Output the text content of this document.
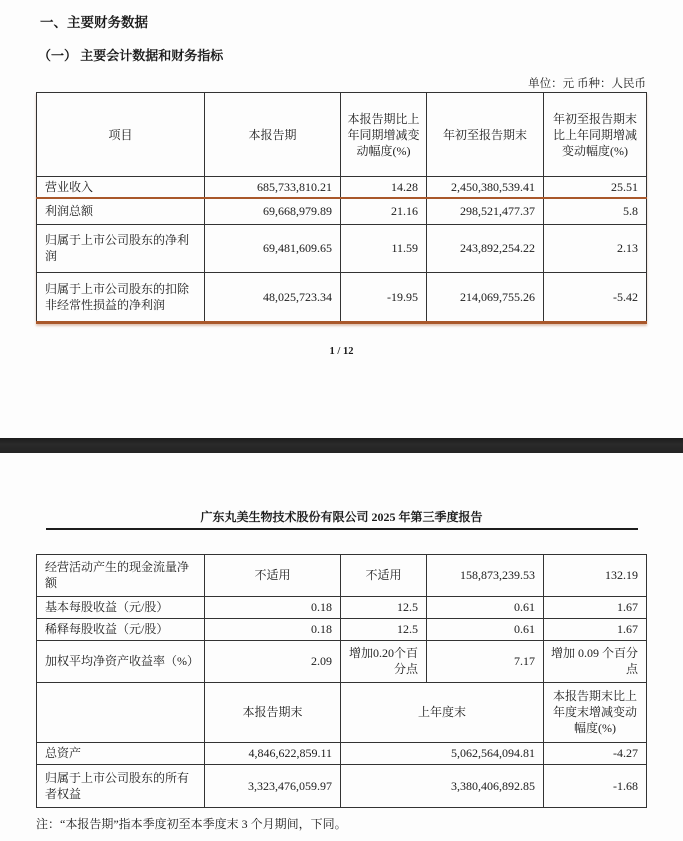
一、主要财务数据
（一） 主要会计数据和财务指标
单位：元 币种：人民币
项目	本报告期	本报告期比上年同期增减变动幅度(%)	年初至报告期末	年初至报告期末比上年同期增减变动幅度(%)
营业收入	685,733,810.21	14.28	2,450,380,539.41	25.51
利润总额	69,668,979.89	21.16	298,521,477.37	5.8
归属于上市公司股东的净利润	69,481,609.65	11.59	243,892,254.22	2.13
归属于上市公司股东的扣除非经常性损益的净利润	48,025,723.34	-19.95	214,069,755.26	-5.42
1 / 12
广东丸美生物技术股份有限公司 2025 年第三季度报告
经营活动产生的现金流量净额	不适用	不适用	158,873,239.53	132.19
基本每股收益（元/股）	0.18	12.5	0.61	1.67
稀释每股收益（元/股）	0.18	12.5	0.61	1.67
加权平均净资产收益率（%）	2.09	增加0.20个百分点	7.17	增加 0.09 个百分点
	本报告期末	上年度末		本报告期末比上年度末增减变动幅度(%)
总资产	4,846,622,859.11	5,062,564,094.81		-4.27
归属于上市公司股东的所有者权益	3,323,476,059.97	3,380,406,892.85		-1.68
注：“本报告期”指本季度初至本季度末 3 个月期间，下同。
